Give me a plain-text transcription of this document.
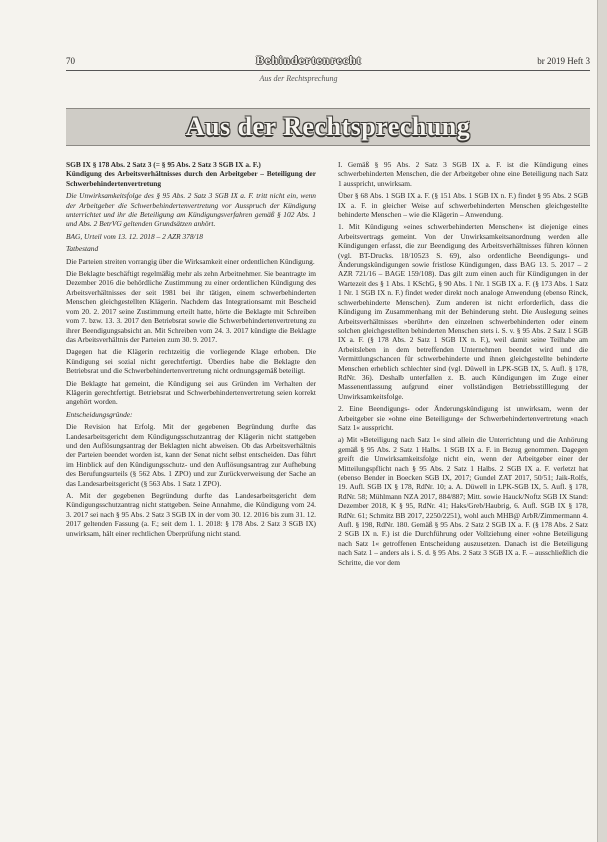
70	Behindertenrecht	br 2019 Heft 3
Aus der Rechtsprechung
Aus der Rechtsprechung

SGB IX § 178 Abs. 2 Satz 3 (= § 95 Abs. 2 Satz 3 SGB IX a. F.)
Kündigung des Arbeitsverhältnisses durch den Arbeitgeber – Beteiligung der Schwerbehindertenvertretung

Die Unwirksamkeitsfolge des § 95 Abs. 2 Satz 3 SGB IX a. F. tritt nicht ein, wenn der Arbeitgeber die Schwerbehindertenvertretung vor Ausspruch der Kündigung unterrichtet und ihr die Beteiligung am Kündigungsverfahren gemäß § 102 Abs. 1 und Abs. 2 BetrVG geltenden Grundsätzen anhört.

BAG, Urteil vom 13. 12. 2018 – 2 AZR 378/18

Tatbestand

Die Parteien streiten vorrangig über die Wirksamkeit einer ordentlichen Kündigung.

Die Beklagte beschäftigt regelmäßig mehr als zehn Arbeitnehmer. Sie beantragte im Dezember 2016 die behördliche Zustimmung zu einer ordentlichen Kündigung des Arbeitsverhältnisses der seit 1981 bei ihr tätigen, einem schwerbehinderten Menschen gleichgestellten Klägerin. Nachdem das Integrationsamt mit Bescheid vom 20. 2. 2017 seine Zustimmung erteilt hatte, hörte die Beklagte mit Schreiben vom 7. bzw. 13. 3. 2017 den Betriebsrat sowie die Schwerbehindertenvertretung zu ihrer Beendigungsabsicht an. Mit Schreiben vom 24. 3. 2017 kündigte die Beklagte das Arbeitsverhältnis der Parteien zum 30. 9. 2017.

Dagegen hat die Klägerin rechtzeitig die vorliegende Klage erhoben. Die Kündigung sei sozial nicht gerechtfertigt. Überdies habe die Beklagte den Betriebsrat und die Schwerbehindertenvertretung nicht ordnungsgemäß beteiligt.

Die Beklagte hat gemeint, die Kündigung sei aus Gründen im Verhalten der Klägerin gerechtfertigt. Betriebsrat und Schwerbehindertenvertretung seien korrekt angehört worden.

Entscheidungsgründe:

Die Revision hat Erfolg. Mit der gegebenen Begründung durfte das Landesarbeitsgericht dem Kündigungsschutzantrag der Klägerin nicht stattgeben und den Auflösungsantrag der Beklagten nicht abweisen. Ob das Arbeitsverhältnis der Parteien beendet worden ist, kann der Senat nicht selbst entscheiden. Das führt im Hinblick auf den Kündigungsschutz- und den Auflösungsantrag zur Aufhebung des Berufungsurteils (§ 562 Abs. 1 ZPO) und zur Zurückverweisung der Sache an das Landesarbeitsgericht (§ 563 Abs. 1 Satz 1 ZPO).

A. Mit der gegebenen Begründung durfte das Landesarbeitsgericht dem Kündigungsschutzantrag nicht stattgeben. Seine Annahme, die Kündigung vom 24. 3. 2017 sei nach § 95 Abs. 2 Satz 3 SGB IX in der vom 30. 12. 2016 bis zum 31. 12. 2017 geltenden Fassung (a. F.; seit dem 1. 1. 2018: § 178 Abs. 2 Satz 3 SGB IX) unwirksam, hält einer rechtlichen Überprüfung nicht stand.

I. Gemäß § 95 Abs. 2 Satz 3 SGB IX a. F. ist die Kündigung eines schwerbehinderten Menschen, die der Arbeitgeber ohne eine Beteiligung nach Satz 1 ausspricht, unwirksam.

Über § 68 Abs. 1 SGB IX a. F. (§ 151 Abs. 1 SGB IX n. F.) findet § 95 Abs. 2 SGB IX a. F. in gleicher Weise auf schwerbehinderten Menschen gleichgestellte behinderte Menschen – wie die Klägerin – Anwendung.

1. Mit Kündigung »eines schwerbehinderten Menschen« ist diejenige eines Arbeitsvertrags gemeint. Von der Unwirksamkeitsanordnung werden alle Kündigungen erfasst, die zur Beendigung des Arbeitsverhältnisses führen können (vgl. BT-Drucks. 18/10523 S. 69), also ordentliche Beendigungs- und Änderungskündigungen sowie fristlose Kündigungen, dass BAG 13. 5. 2017 – 2 AZR 721/16 – BAGE 159/108). Das gilt zum einen auch für Kündigungen in der Wartezeit des § 1 Abs. 1 KSchG, § 90 Abs. 1 Nr. 1 SGB IX a. F. (§ 173 Abs. 1 Satz 1 Nr. 1 SGB IX n. F.) findet weder direkt noch analoge Anwendung (ebenso Rinck, schwerbehinderte Menschen). Zum anderen ist nicht erforderlich, dass die Kündigung im Zusammenhang mit der Behinderung steht. Die Auslegung seines Arbeitsverhältnisses »berührt« den einzelnen schwerbehinderten oder einem solchen gleichgestellten behinderten Menschen stets i. S. v. § 95 Abs. 2 Satz 1 SGB IX a. F. (§ 178 Abs. 2 Satz 1 SGB IX n. F.), weil damit seine Teilhabe am Arbeitsleben in dem betreffenden Unternehmen beendet wird und die Vermittlungschancen für schwerbehinderte und ihnen gleichgestellte behinderte Menschen erheblich schlechter sind (vgl. Düwell in LPK-SGB IX, 5. Aufl. § 178, RdNr. 36). Deshalb unterfallen z. B. auch Kündigungen im Zuge einer Massenentlassung aufgrund einer vollständigen Betriebsstilllegung der Unwirksamkeitsfolge.

2. Eine Beendigungs- oder Änderungskündigung ist unwirksam, wenn der Arbeitgeber sie »ohne eine Beteiligung« der Schwerbehindertenvertretung »nach Satz 1« ausspricht.

a) Mit »Beteiligung nach Satz 1« sind allein die Unterrichtung und die Anhörung gemäß § 95 Abs. 2 Satz 1 Halbs. 1 SGB IX a. F. in Bezug genommen. Dagegen greift die Unwirksamkeitsfolge nicht ein, wenn der Arbeitgeber einer der Mitteilungspflicht nach § 95 Abs. 2 Satz 1 Halbs. 2 SGB IX a. F. verletzt hat (ebenso Bender in Boecken SGB IX, 2017; Gundel ZAT 2017, 50/51; Jaik-Rolfs, 19. Aufl. SGB IX § 178, RdNr. 10; a. A. Düwell in LPK-SGB IX, 5. Aufl. § 178, RdNr. 58; Mühlmann NZA 2017, 884/887; Mitt. sowie Hauck/Noftz SGB IX Stand: Dezember 2018, K § 95, RdNr. 41; Haks/Greb/Haubrig, 6. Aufl. SGB IX § 178, RdNr. 61; Schmitz BB 2017, 2250/2251), wohl auch MHB@ ArbR/Zimmermann 4. Aufl. § 198, RdNr. 180. Gemäß § 95 Abs. 2 Satz 2 SGB IX a. F. (§ 178 Abs. 2 Satz 2 SGB IX n. F.) ist die Durchführung oder Vollziehung einer »ohne Beteiligung nach Satz 1« getroffenen Entscheidung auszusetzen. Danach ist die Beteiligung nach Satz 1 – anders als i. S. d. § 95 Abs. 2 Satz 3 SGB IX a. F. – ausschließlich die Schritte, die vor dem
